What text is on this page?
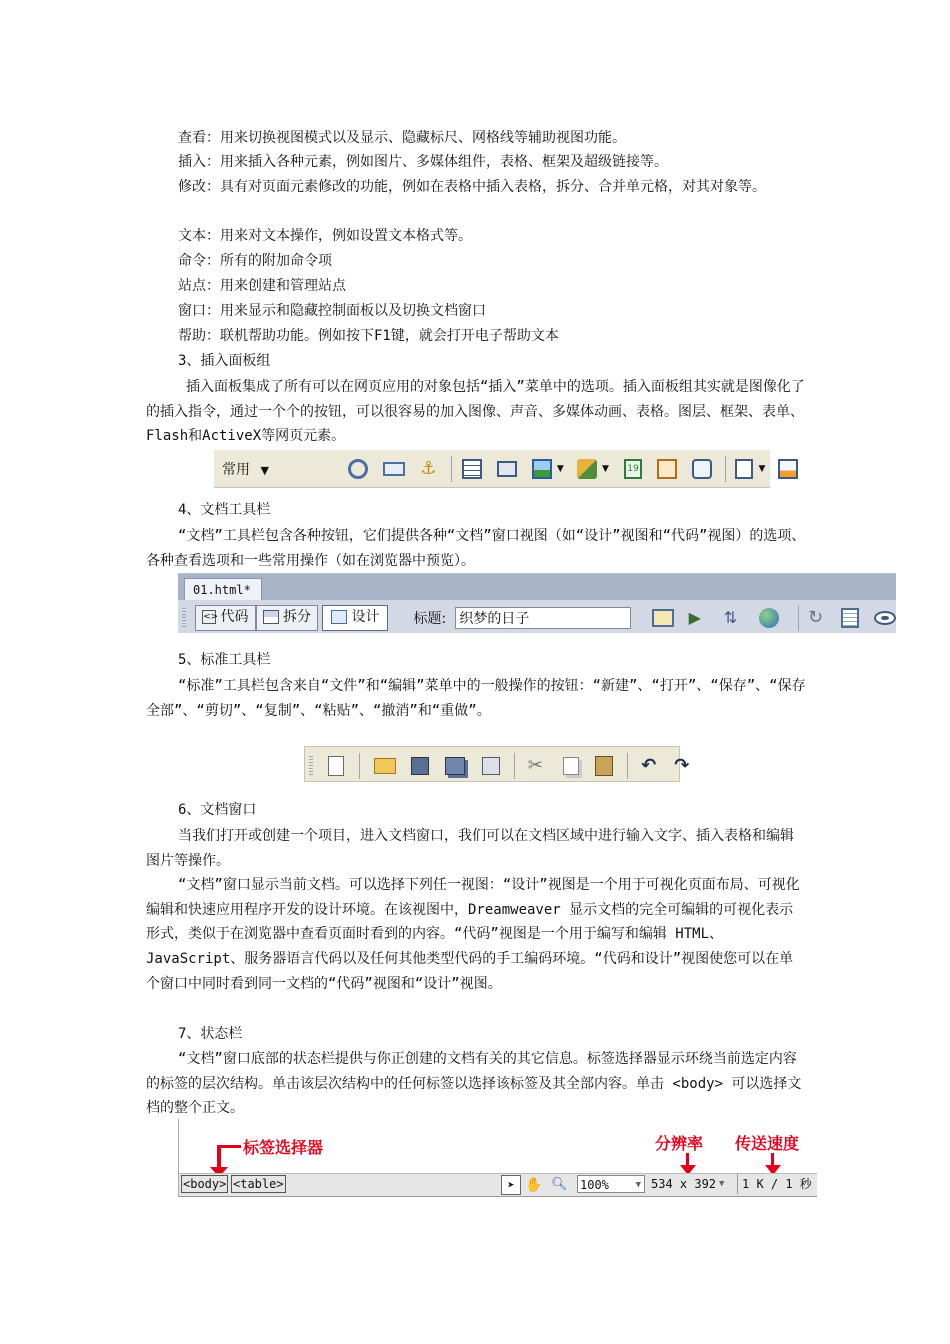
查看：用来切换视图模式以及显示、隐藏标尺、网格线等辅助视图功能。

插入：用来插入各种元素，例如图片、多媒体组件，表格、框架及超级链接等。

修改：具有对页面元素修改的功能，例如在表格中插入表格，拆分、合并单元格，对其对象等。

文本：用来对文本操作，例如设置文本格式等。

命令：所有的附加命令项

站点：用来创建和管理站点

窗口：用来显示和隐藏控制面板以及切换文档窗口

帮助：联机帮助功能。例如按下F1键，就会打开电子帮助文本

3、插入面板组

插入面板集成了所有可以在网页应用的对象包括“插入”菜单中的选项。插入面板组其实就是图像化了的插入指令，通过一个个的按钮，可以很容易的加入图像、声音、多媒体动画、表格。图层、框架、表单、Flash和ActiveX等网页元素。

常用 ▼	⚓	▼	▼ 19	▼

4、文档工具栏

“文档”工具栏包含各种按钮，它们提供各种“文档”窗口视图（如“设计”视图和“代码”视图）的选项、各种查看选项和一些常用操作（如在浏览器中预览）。

01.html*
<> 代码 拆分	设计 标题: 织梦的日子	▶ ⇅	↻

5、标准工具栏

“标准”工具栏包含来自“文件”和“编辑”菜单中的一般操作的按钮：“新建”、“打开”、“保存”、“保存全部”、“剪切”、“复制”、“粘贴”、“撤消”和“重做”。

✂	↶ ↷

6、文档窗口

当我们打开或创建一个项目，进入文档窗口，我们可以在文档区域中进行输入文字、插入表格和编辑图片等操作。

“文档”窗口显示当前文档。可以选择下列任一视图：“设计”视图是一个用于可视化页面布局、可视化编辑和快速应用程序开发的设计环境。在该视图中，Dreamweaver 显示文档的完全可编辑的可视化表示形式，类似于在浏览器中查看页面时看到的内容。“代码”视图是一个用于编写和编辑 HTML、JavaScript、服务器语言代码以及任何其他类型代码的手工编码环境。“代码和设计”视图使您可以在单个窗口中同时看到同一文档的“代码”视图和“设计”视图。

7、状态栏

“文档”窗口底部的状态栏提供与你正创建的文档有关的其它信息。标签选择器显示环绕当前选定内容的标签的层次结构。单击该层次结构中的任何标签以选择该标签及其全部内容。单击 <body> 可以选择文档的整个正文。

标签选择器	分辨率 传送速度
<body> <table>	➤ ✋ 🔍︎ 100%	▼ 534 x 392 ▼	1 K / 1 秒
